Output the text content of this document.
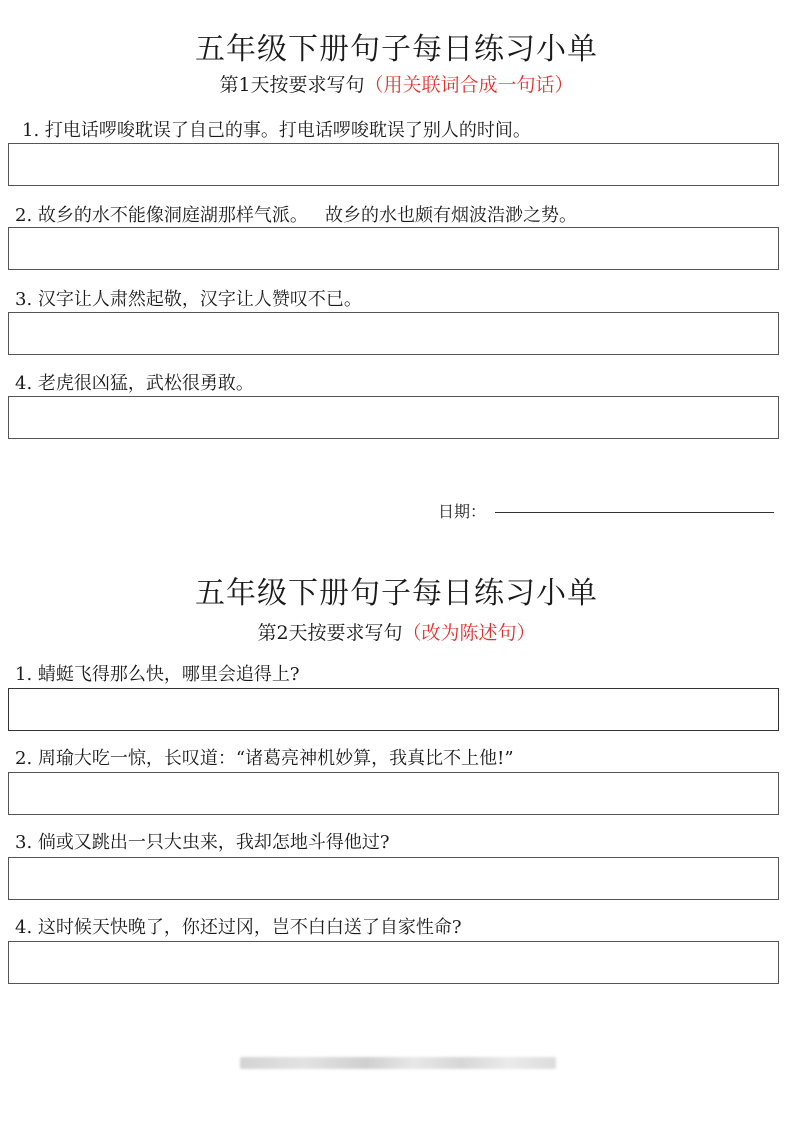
五年级下册句子每日练习小单
第1天按要求写句（用关联词合成一句话）
1. 打电话啰唆耽误了自己的事。打电话啰唆耽误了别人的时间。
2. 故乡的水不能像洞庭湖那样气派。   故乡的水也颇有烟波浩渺之势。
3. 汉字让人肃然起敬，汉字让人赞叹不已。
4. 老虎很凶猛，武松很勇敢。
日期：
五年级下册句子每日练习小单
第2天按要求写句（改为陈述句）
1. 蜻蜓飞得那么快，哪里会追得上?
2. 周瑜大吃一惊，长叹道：“诸葛亮神机妙算，我真比不上他!”
3. 倘或又跳出一只大虫来，我却怎地斗得他过?
4. 这时候天快晚了，你还过冈，岂不白白送了自家性命?
